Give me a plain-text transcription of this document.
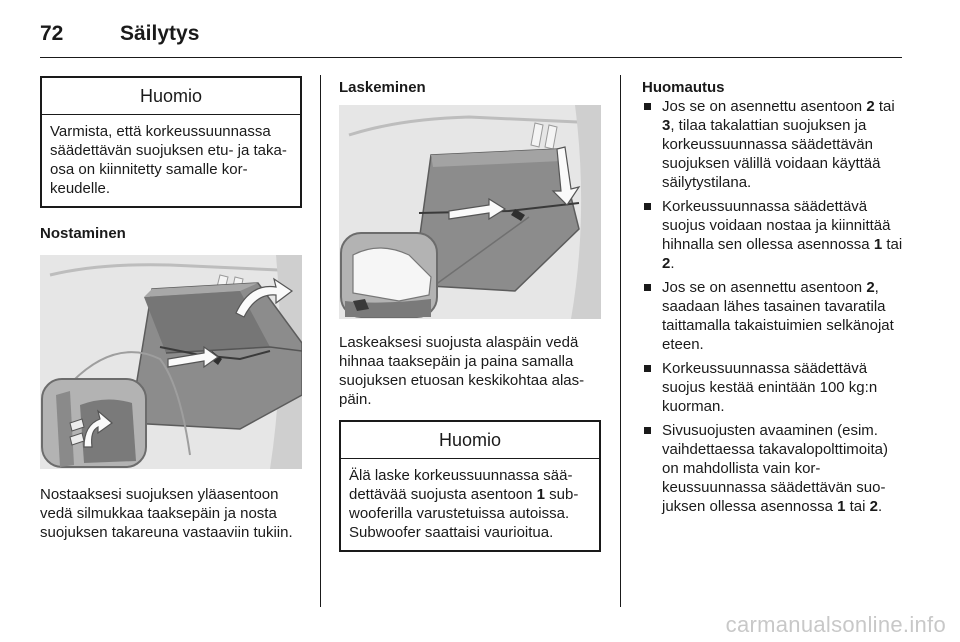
72	Säilytys
Huomio
Varmista, että korkeussuunnassa säädettävän suojuksen etu- ja takaosa on kiinnitetty samalle korkeudelle.
Nostaminen
Nostaaksesi suojuksen yläasentoon vedä silmukkaa taaksepäin ja nosta suojuksen takareuna vastaaviin tukiin.
Laskeminen
Laskeaksesi suojusta alaspäin vedä hihnaa taaksepäin ja paina samalla suojuksen etuosan keskikohtaa alaspäin.
Huomio
Älä laske korkeussuunnassa säädettävää suojusta asentoon 1 subwooferilla varustetuissa autoissa. Subwoofer saattaisi vaurioitua.
Huomautus
Jos se on asennettu asentoon 2 tai 3, tilaa takalattian suojuksen ja korkeussuunnassa säädettävän suojuksen välillä voidaan käyttää säilytystilana.
Korkeussuunnassa säädettävä suojus voidaan nostaa ja kiinnittää hihnalla sen ollessa asennossa 1 tai 2.
Jos se on asennettu asentoon 2, saadaan lähes tasainen tavaratila taittamalla takaistuimien selkänojat eteen.
Korkeussuunnassa säädettävä suojus kestää enintään 100 kg:n kuorman.
Sivusuojusten avaaminen (esim. vaihdettaessa takavalopolttimoita) on mahdollista vain korkeussuunnassa säädettävän suojuksen ollessa asennossa 1 tai 2.
carmanualsonline.info
